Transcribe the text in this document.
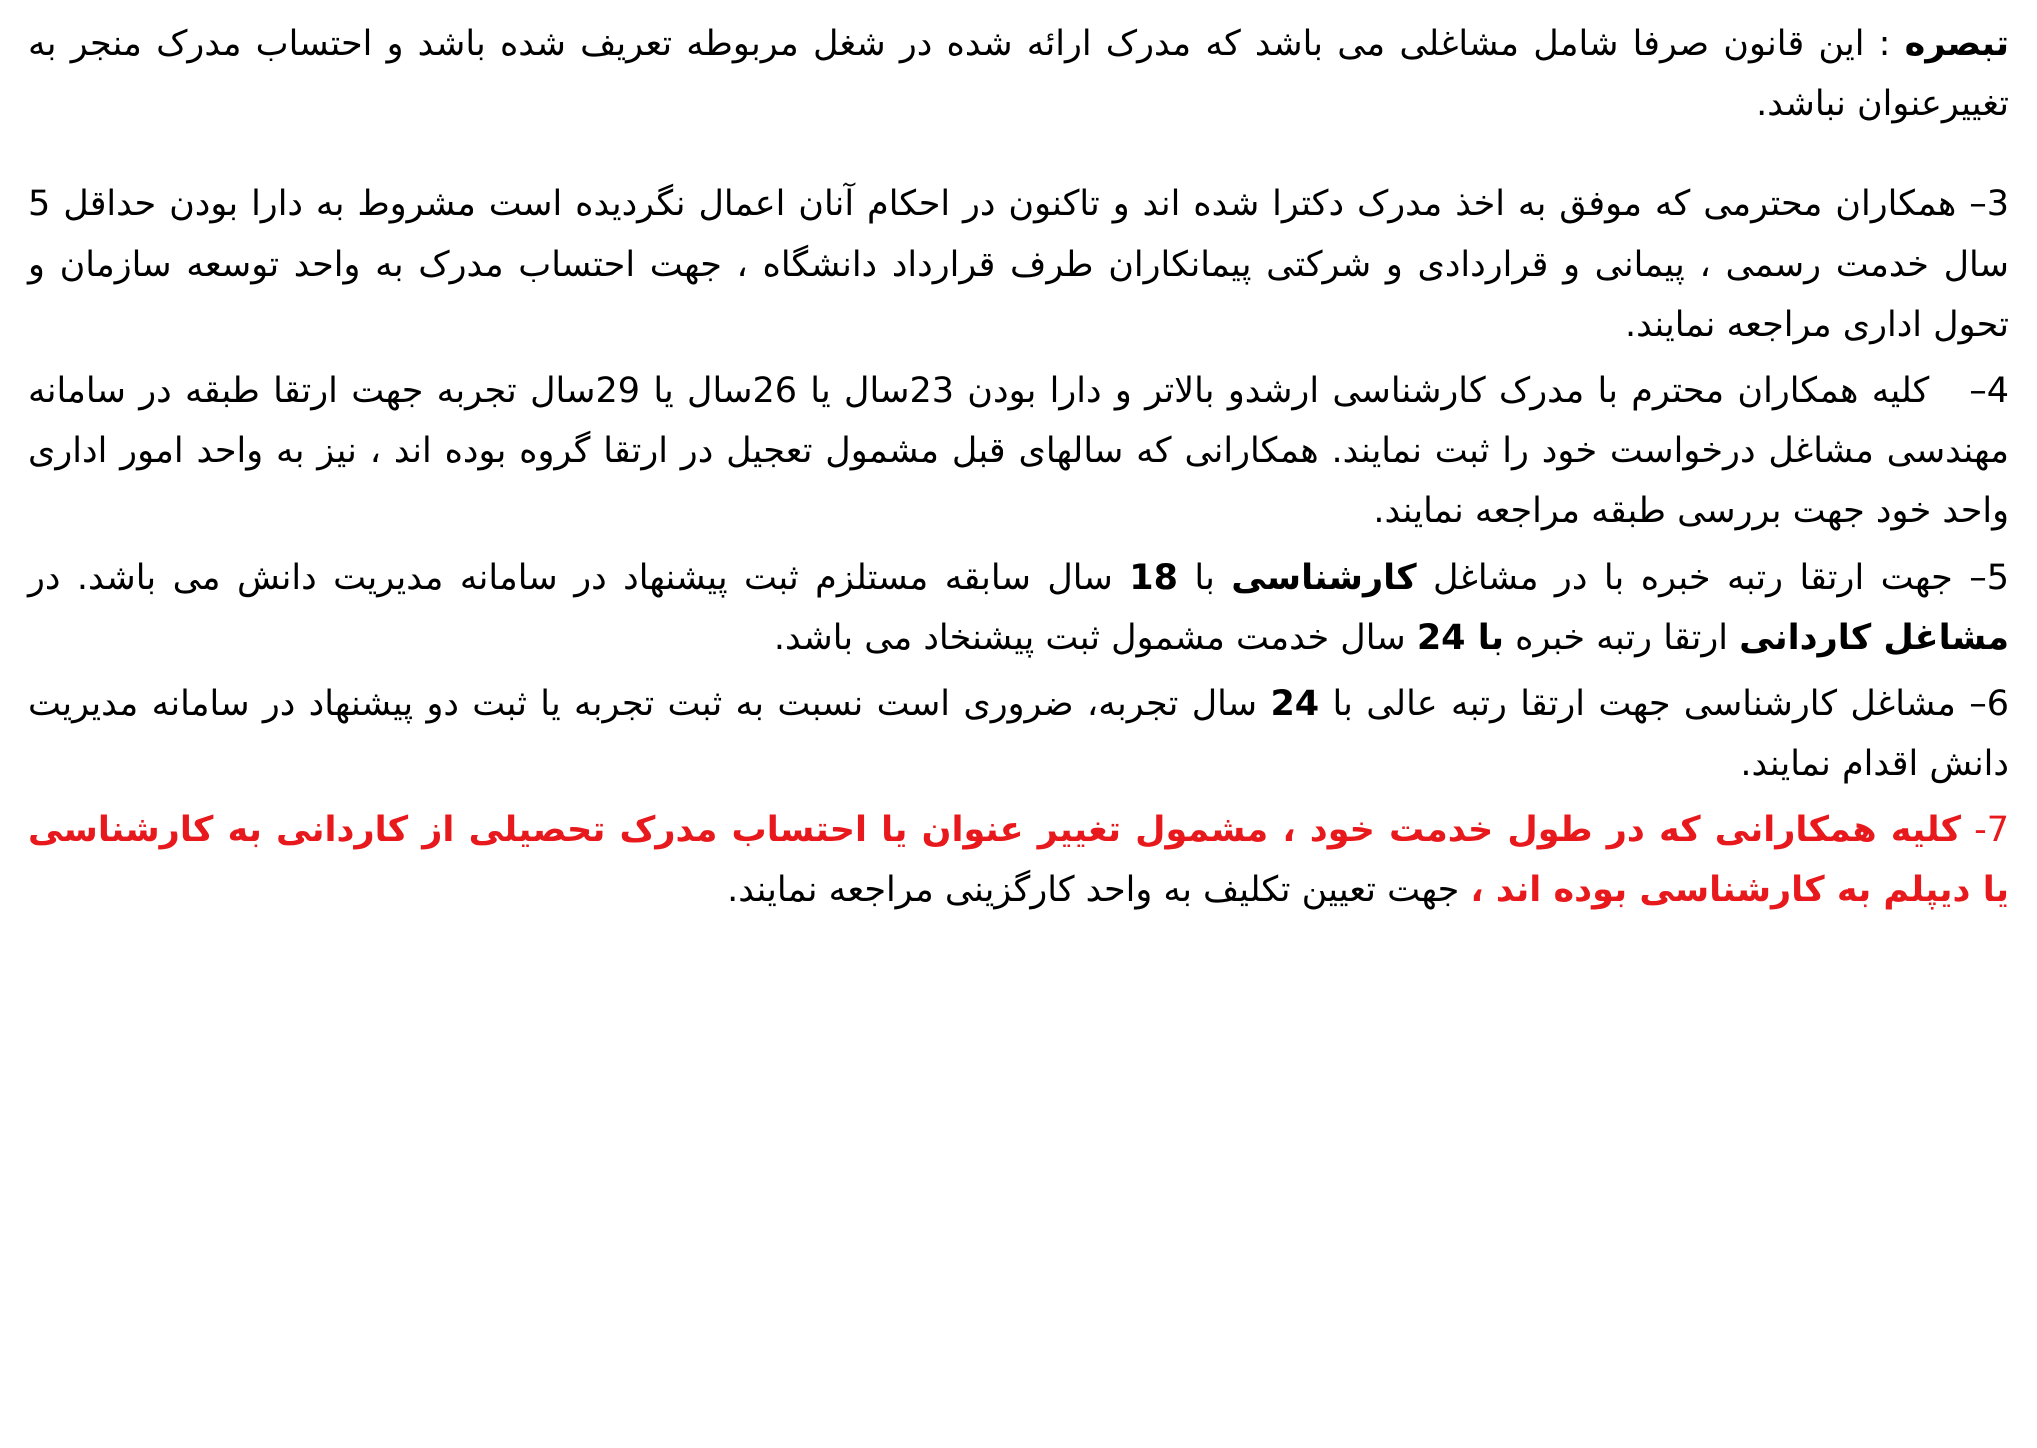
تبصره : این قانون صرفا شامل مشاغلی می باشد که مدرک ارائه شده در شغل مربوطه تعریف شده باشد و احتساب مدرک منجر به تغییرعنوان نباشد.

3– همکاران محترمی که موفق به اخذ مدرک دکترا شده اند و تاکنون در احکام آنان اعمال نگردیده است مشروط به دارا بودن حداقل 5 سال خدمت رسمی ، پیمانی و قراردادی و شرکتی پیمانکاران طرف قرارداد دانشگاه ، جهت احتساب مدرک به واحد توسعه سازمان و تحول اداری مراجعه نمایند.

4–   کلیه همکاران محترم با مدرک کارشناسی ارشدو بالاتر و دارا بودن 23سال یا 26سال یا 29سال تجربه جهت ارتقا طبقه در سامانه مهندسی مشاغل درخواست خود را ثبت نمایند. همکارانی که سالهای قبل مشمول تعجیل در ارتقا گروه بوده اند ، نیز به واحد امور اداری واحد خود جهت بررسی طبقه مراجعه نمایند.

5– جهت ارتقا رتبه خبره با در مشاغل کارشناسی با 18 سال سابقه مستلزم ثبت پیشنهاد در سامانه مدیریت دانش می باشد. در مشاغل کاردانی ارتقا رتبه خبره با 24 سال خدمت مشمول ثبت پیشنخاد می باشد.

6– مشاغل کارشناسی جهت ارتقا رتبه عالی با 24 سال تجربه، ضروری است نسبت به ثبت تجربه یا ثبت دو پیشنهاد در سامانه مدیریت دانش اقدام نمایند.

7- کلیه همکارانی که در طول خدمت خود ، مشمول تغییر عنوان یا احتساب مدرک تحصیلی از کاردانی به کارشناسی یا دیپلم به کارشناسی بوده اند ، جهت تعیین تکلیف به واحد کارگزینی مراجعه نمایند.
